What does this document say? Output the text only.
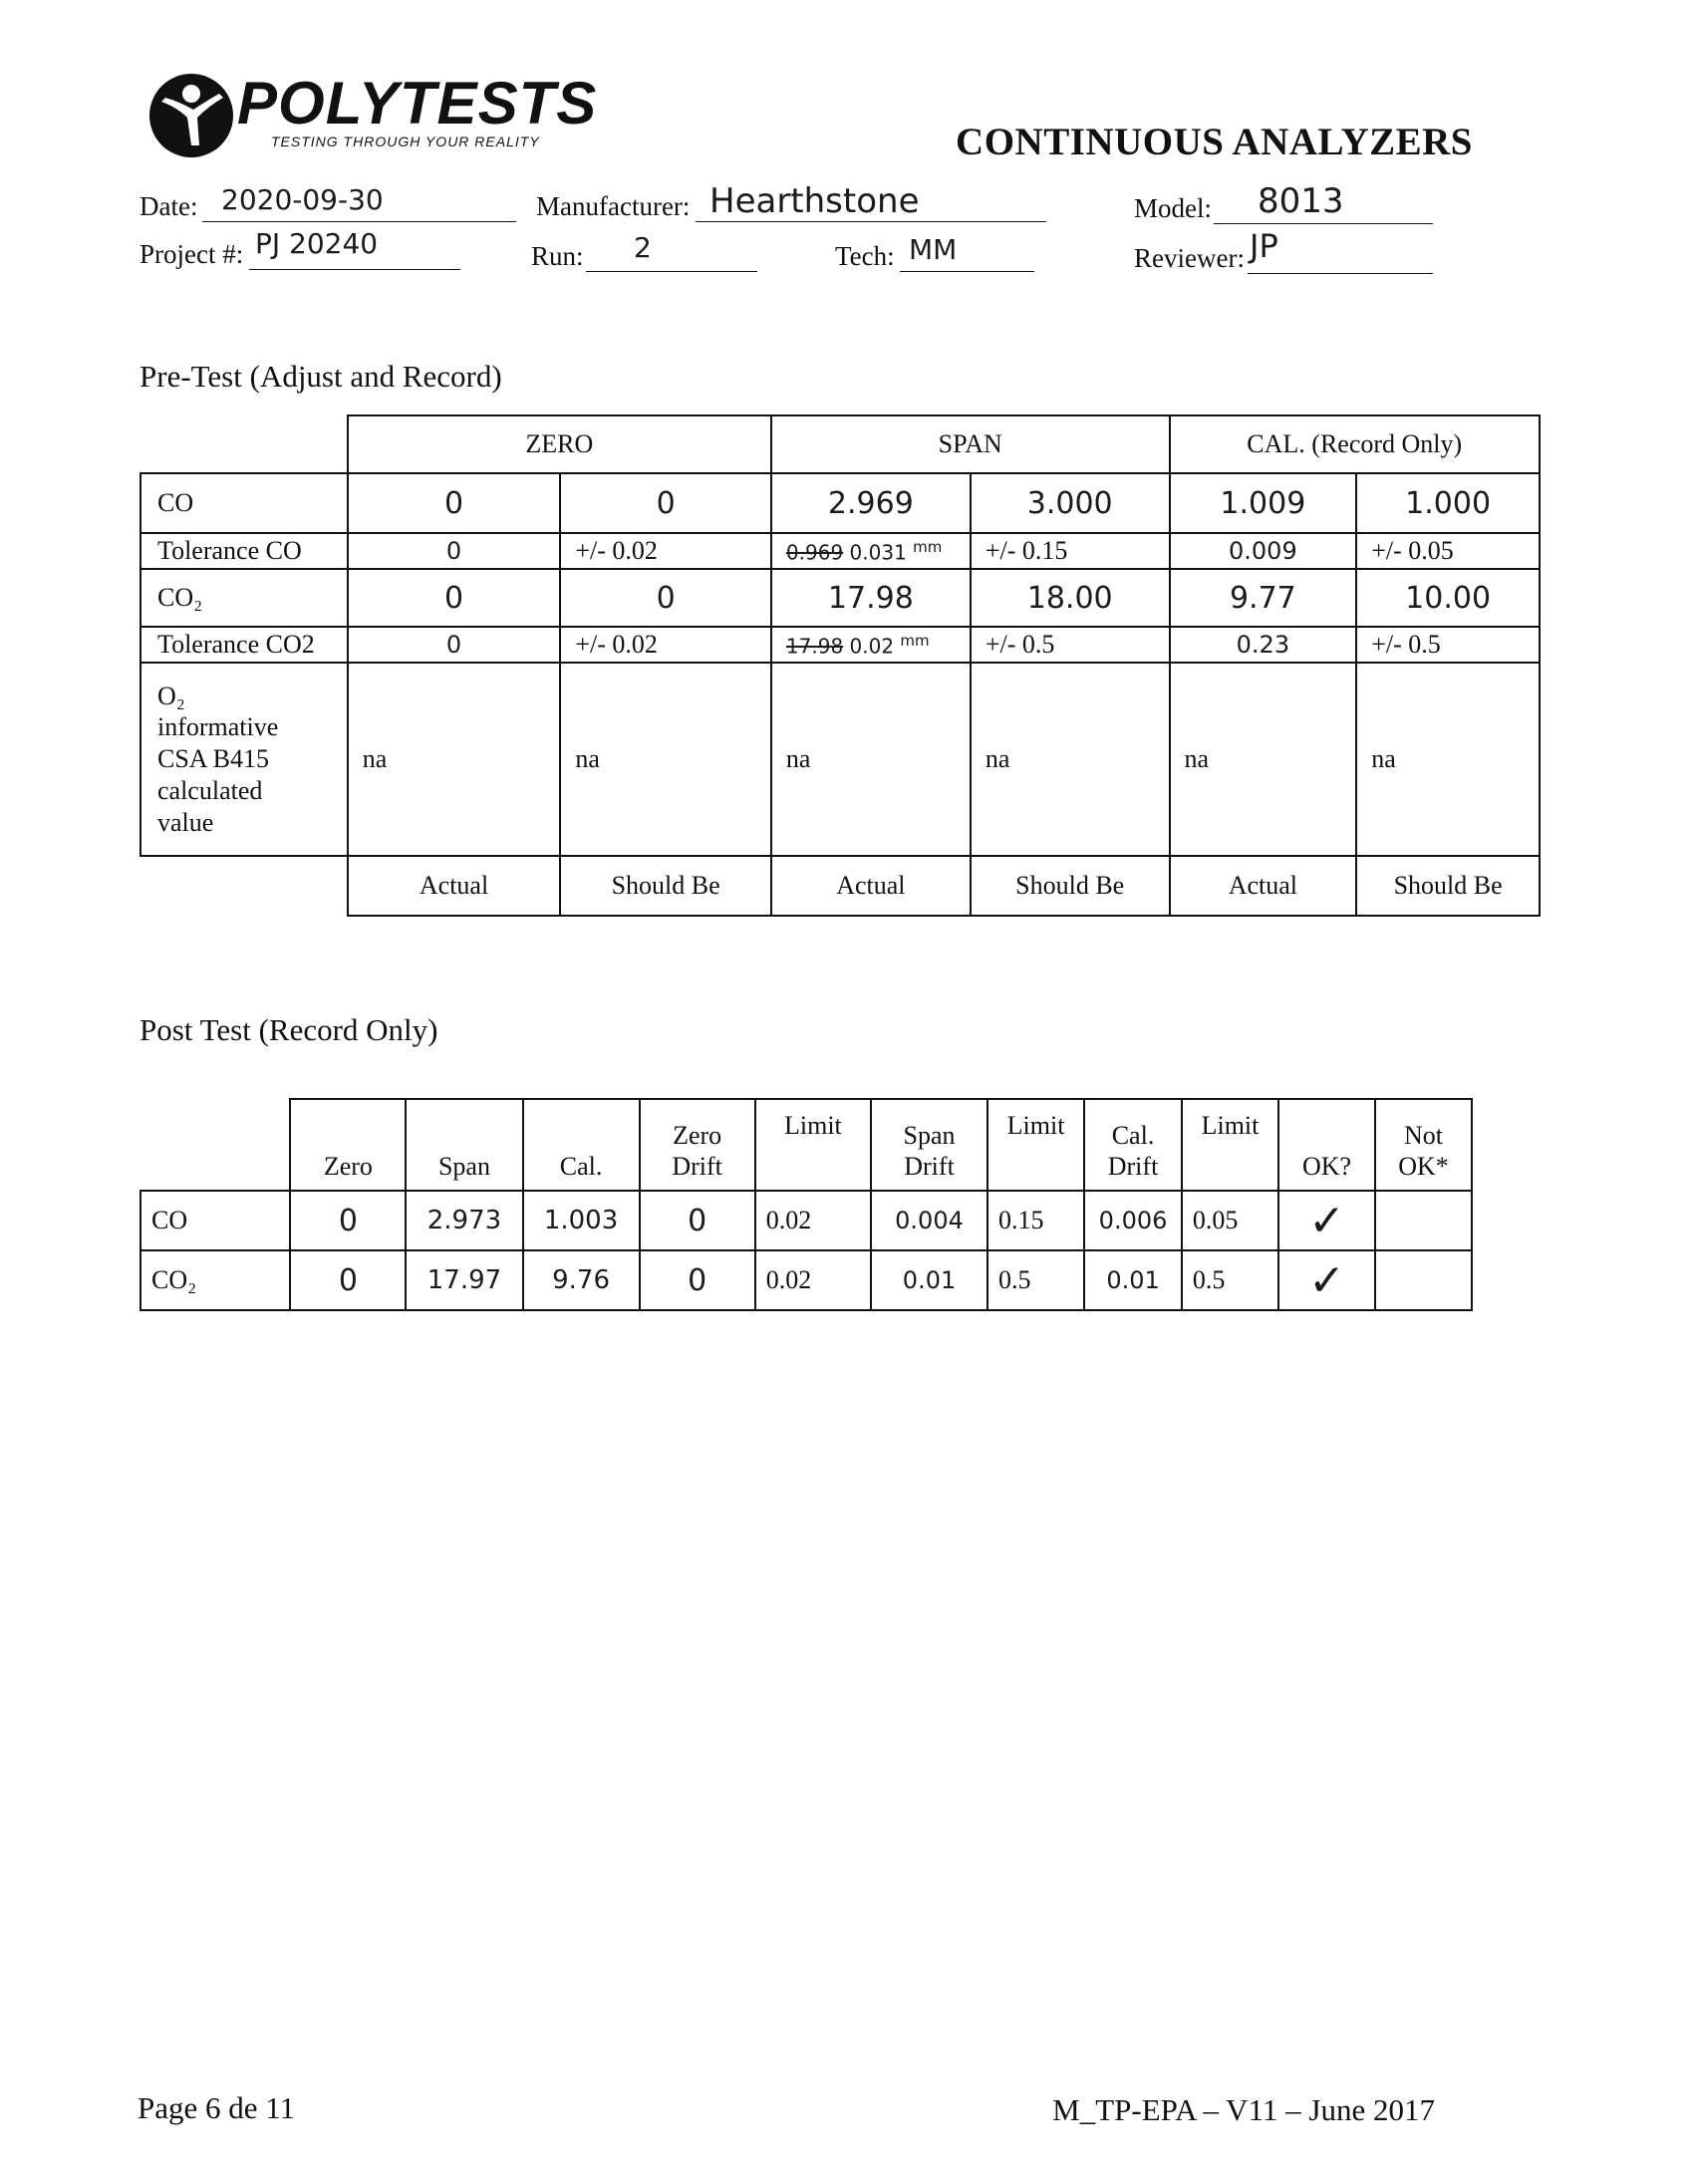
POLYTESTS
TESTING THROUGH YOUR REALITY	CONTINUOUS ANALYZERS
Date: 2020-09-30	Manufacturer: Hearthstone	Model: 8013
Project #: PJ 20240	Run: 2	Tech: MM	Reviewer: JP
Pre-Test (Adjust and Record)
	ZERO		SPAN		CAL. (Record Only)	
CO	0	0	2.969	3.000	1.009	1.000
Tolerance CO	0	+/- 0.02	0.969 0.031 $^{mm}$	+/- 0.15	0.009	+/- 0.05
CO₂	0	0	17.98	18.00	9.77	10.00
Tolerance CO2	0	+/- 0.02	17.98 0.02 $^{mm}$	+/- 0.5	0.23	+/- 0.5

O₂
informative
CSA B415
calculated
value	na	na	na	na	na	na
	Actual	Should Be	Actual	Should Be	Actual	Should Be
Post Test (Record Only)
	Zero	Span	Cal.	Zero Drift	Limit	Span Drift	Limit	Cal. Drift	Limit	OK?	Not OK*
CO	0	2.973	1.003	0	0.02	0.004	0.15	0.006	0.05	✓	
CO₂	0	17.97	9.76	0	0.02	0.01	0.5	0.01	0.5	✓	
Page 6 de 11	M_TP-EPA – V11 – June 2017
